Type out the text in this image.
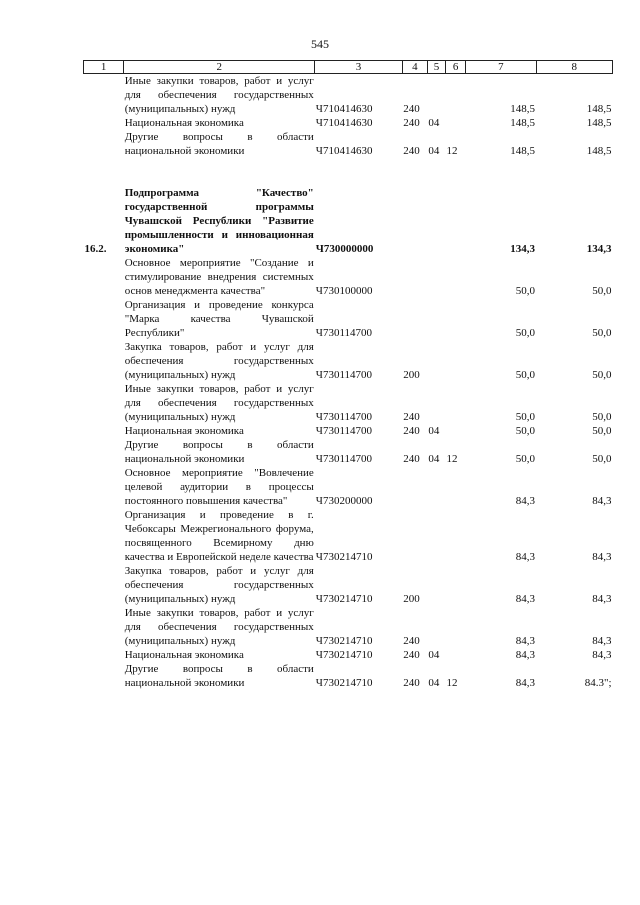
545
1	2	3	4	5	6	7	8
	Иные закупки товаров, работ и услуг для обеспечения государственных (муниципальных) нужд	Ч710414630	240			148,5	148,5
	Национальная экономика	Ч710414630	240	04		148,5	148,5
	Другие вопросы в области национальной экономики	Ч710414630	240	04	12	148,5	148,5

16.2.	Подпрограмма "Качество" государственной программы Чувашской Республики "Развитие промышленности и инновационная экономика"	Ч730000000				134,3	134,3
	Основное мероприятие "Создание и стимулирование внедрения системных основ менеджмента качества"	Ч730100000				50,0	50,0
	Организация и проведение конкурса "Марка качества Чувашской Республики"	Ч730114700				50,0	50,0
	Закупка товаров, работ и услуг для обеспечения государственных (муниципальных) нужд	Ч730114700	200			50,0	50,0
	Иные закупки товаров, работ и услуг для обеспечения государственных (муниципальных) нужд	Ч730114700	240			50,0	50,0
	Национальная экономика	Ч730114700	240	04		50,0	50,0
	Другие вопросы в области национальной экономики	Ч730114700	240	04	12	50,0	50,0
	Основное мероприятие "Вовлечение целевой аудитории в процессы постоянного повышения качества"	Ч730200000				84,3	84,3
	Организация и проведение в г. Чебоксары Межрегионального форума, посвященного Всемирному дню качества и Европейской неделе качества	Ч730214710				84,3	84,3
	Закупка товаров, работ и услуг для обеспечения государственных (муниципальных) нужд	Ч730214710	200			84,3	84,3
	Иные закупки товаров, работ и услуг для обеспечения государственных (муниципальных) нужд	Ч730214710	240			84,3	84,3
	Национальная экономика	Ч730214710	240	04		84,3	84,3
	Другие вопросы в области национальной экономики	Ч730214710	240	04	12	84,3	84.3";
